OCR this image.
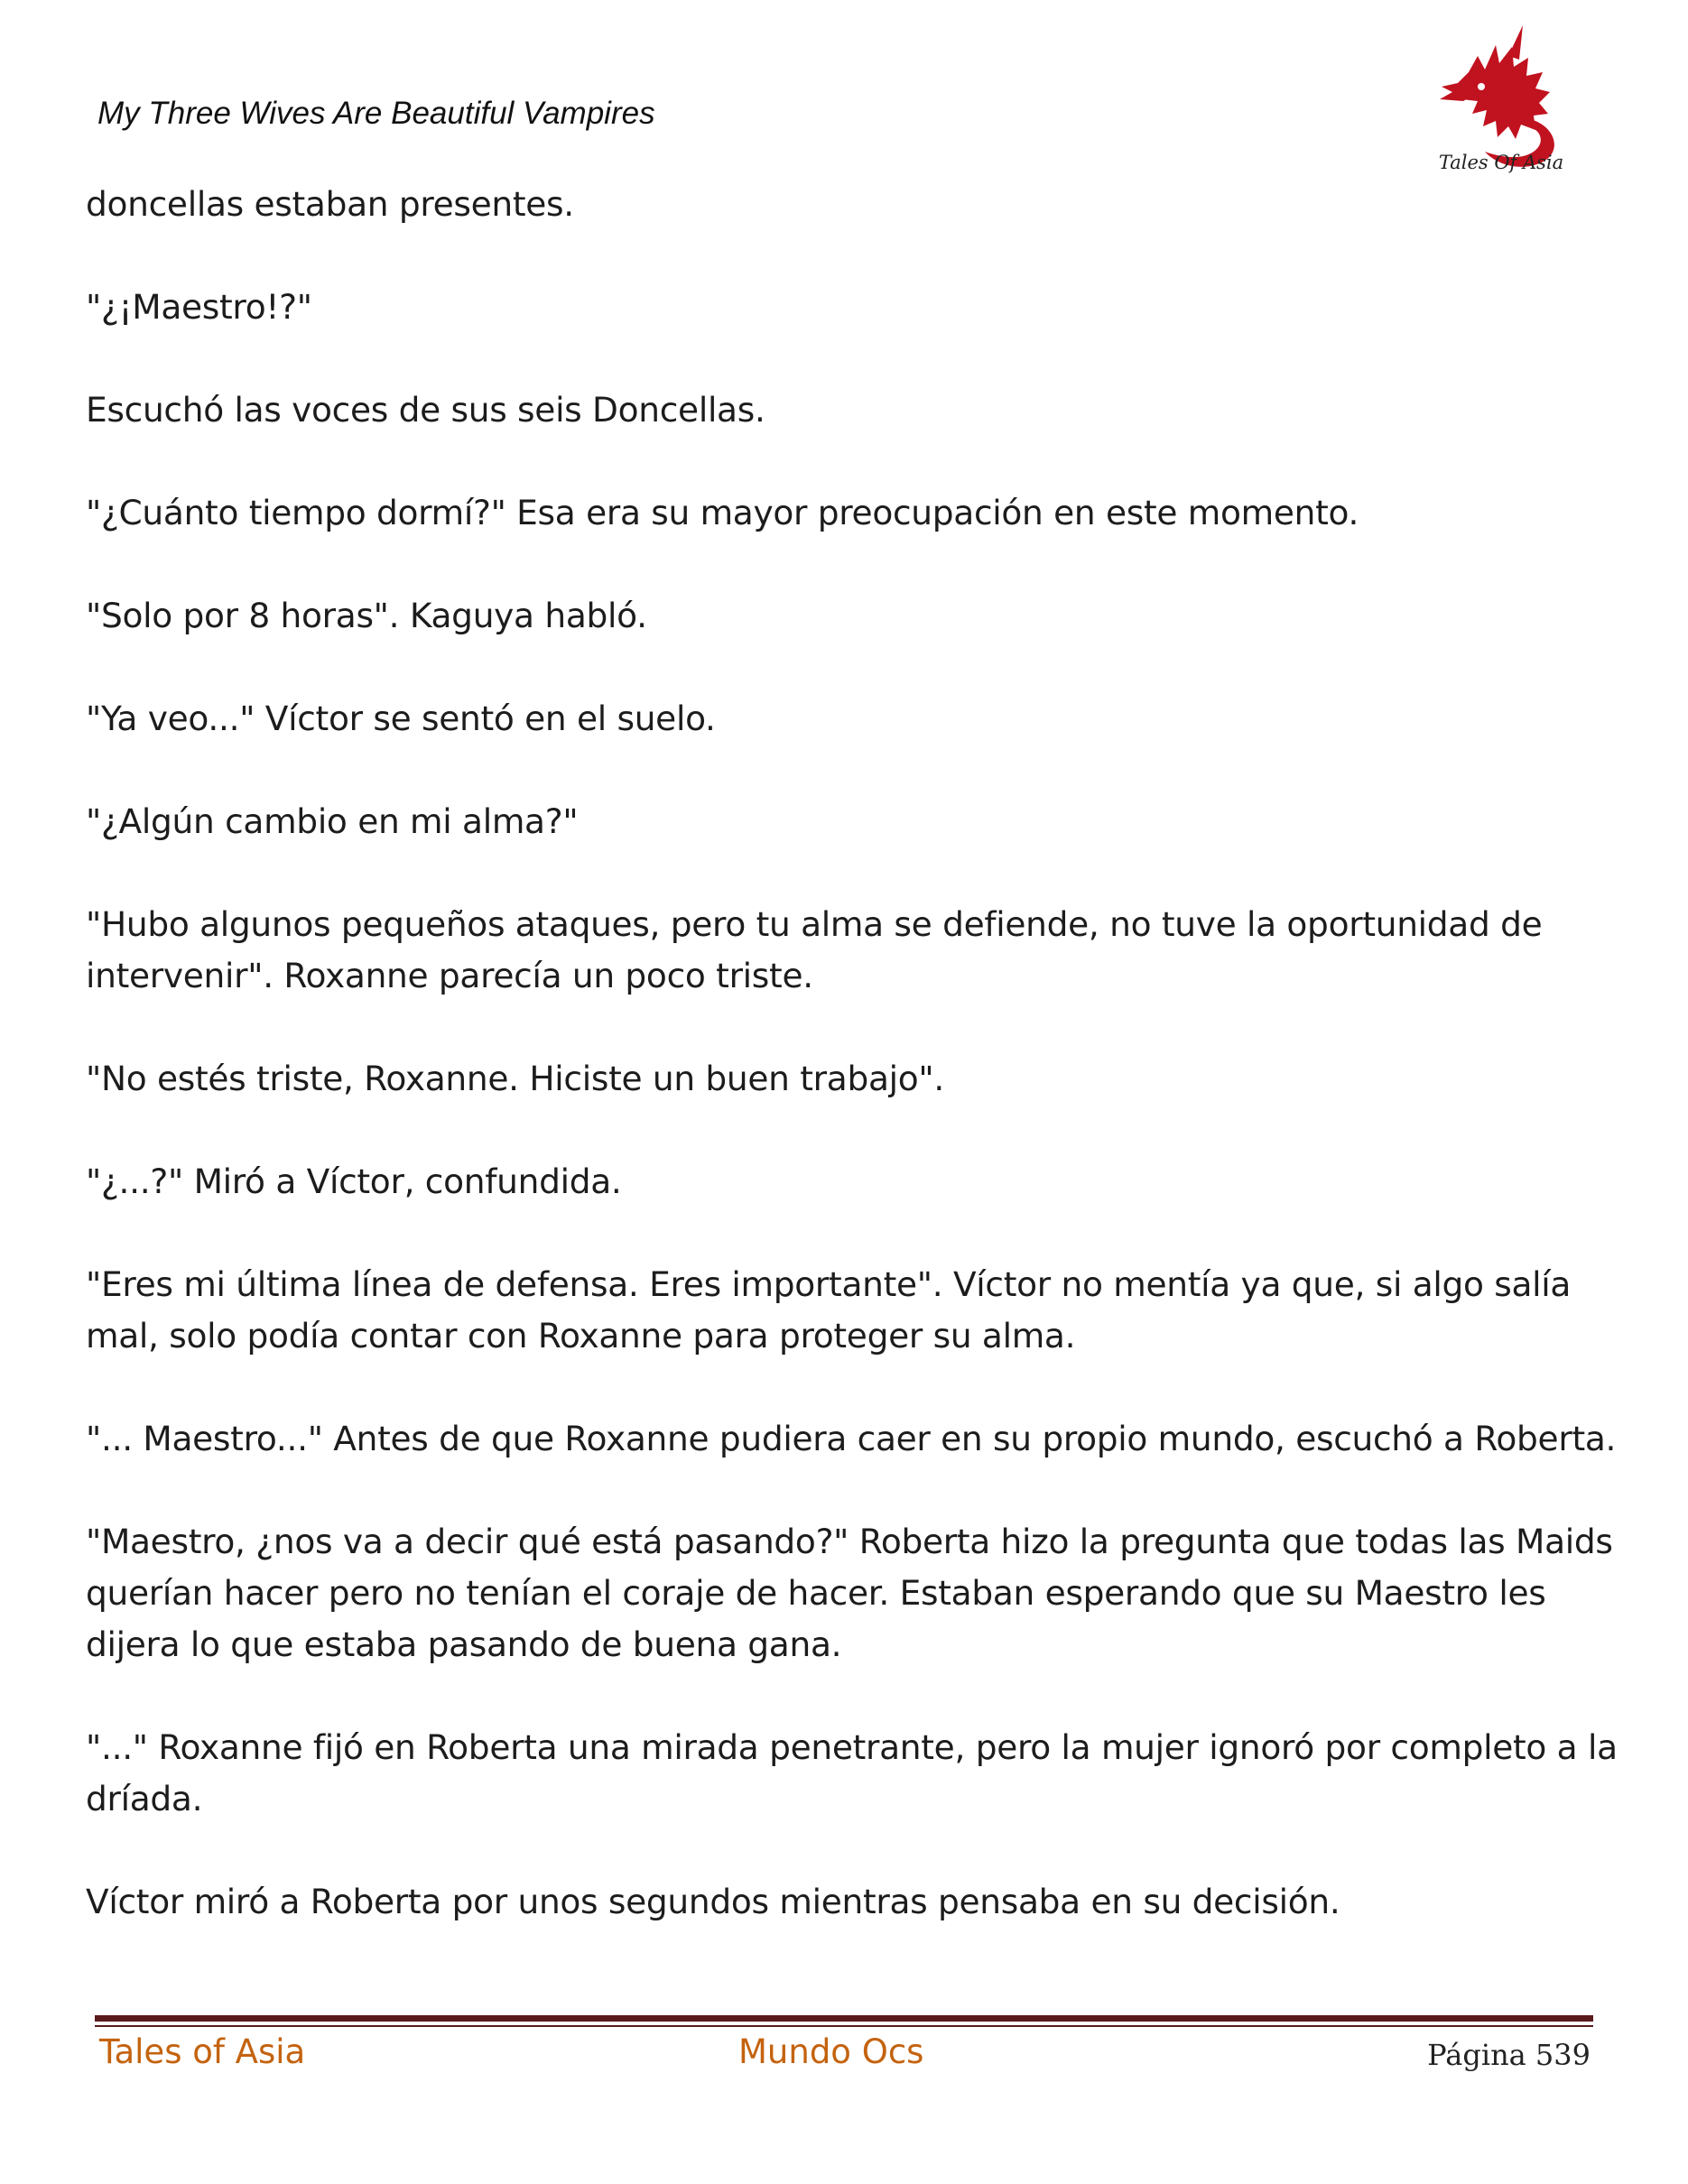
My Three Wives Are Beautiful Vampires
Tales Of Asia

doncellas estaban presentes.

"¿¡Maestro!?"

Escuchó las voces de sus seis Doncellas.

"¿Cuánto tiempo dormí?" Esa era su mayor preocupación en este momento.

"Solo por 8 horas". Kaguya habló.

"Ya veo..." Víctor se sentó en el suelo.

"¿Algún cambio en mi alma?"

"Hubo algunos pequeños ataques, pero tu alma se defiende, no tuve la oportunidad de intervenir". Roxanne parecía un poco triste.

"No estés triste, Roxanne. Hiciste un buen trabajo".

"¿...?" Miró a Víctor, confundida.

"Eres mi última línea de defensa. Eres importante". Víctor no mentía ya que, si algo salía mal, solo podía contar con Roxanne para proteger su alma.

"... Maestro..." Antes de que Roxanne pudiera caer en su propio mundo, escuchó a Roberta.

"Maestro, ¿nos va a decir qué está pasando?" Roberta hizo la pregunta que todas las Maids querían hacer pero no tenían el coraje de hacer. Estaban esperando que su Maestro les dijera lo que estaba pasando de buena gana.

"..." Roxanne fijó en Roberta una mirada penetrante, pero la mujer ignoró por completo a la dríada.

Víctor miró a Roberta por unos segundos mientras pensaba en su decisión.

Tales of Asia	Mundo Ocs	Página 539
